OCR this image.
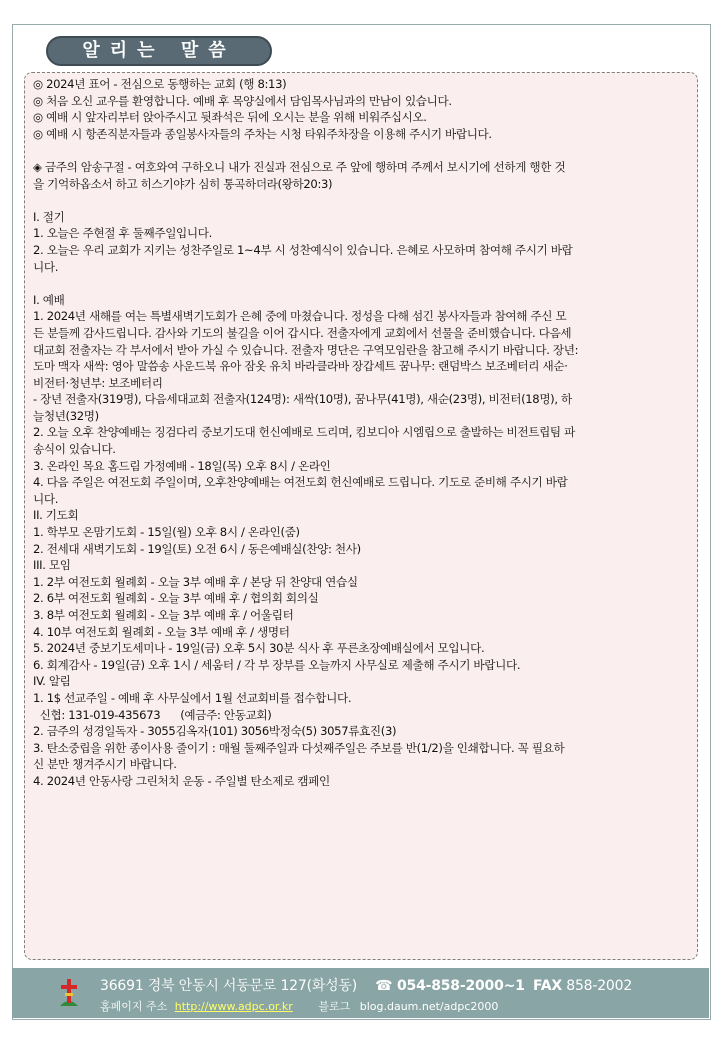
알리는 말씀
◎ 2024년 표어 - 전심으로 동행하는 교회 (행 8:13)
◎ 처음 오신 교우를 환영합니다. 예배 후 목양실에서 담임목사님과의 만남이 있습니다.
◎ 예배 시 앞자리부터 앉아주시고 뒷좌석은 뒤에 오시는 분을 위해 비워주십시오.
◎ 예배 시 항존직분자들과 종일봉사자들의 주차는 시청 타워주차장을 이용해 주시기 바랍니다.
◈ 금주의 암송구절 - 여호와여 구하오니 내가 진실과 전심으로 주 앞에 행하며 주께서 보시기에 선하게 행한 것
을 기억하옵소서 하고 히스기야가 심히 통곡하더라(왕하20:3)
I. 절기
1. 오늘은 주현절 후 둘째주일입니다.
2. 오늘은 우리 교회가 지키는 성찬주일로 1~4부 시 성찬예식이 있습니다. 은혜로 사모하며 참여해 주시기 바랍
니다.
I. 예배
1. 2024년 새해를 여는 특별새벽기도회가 은혜 중에 마쳤습니다. 정성을 다해 섬긴 봉사자들과 참여해 주신 모
든 분들께 감사드립니다. 감사와 기도의 불길을 이어 갑시다. 전출자에게 교회에서 선물을 준비했습니다. 다음세
대교회 전출자는 각 부서에서 받아 가실 수 있습니다. 전출자 명단은 구역모임란을 참고해 주시기 바랍니다. 장년:
도마 맥자 새싹: 영아 말씀송 사운드북 유아 잠옷 유치 바라클라바 장갑세트 꿈나무: 랜덤박스 보조베터리 새순·
비전터·청년부: 보조베터리
- 장년 전출자(319명), 다음세대교회 전출자(124명): 새싹(10명), 꿈나무(41명), 새순(23명), 비전터(18명), 하
늘청년(32명)
2. 오늘 오후 찬양예배는 징검다리 중보기도대 헌신예배로 드리며, 킴보디아 시엠립으로 출발하는 비전트립팀 파
송식이 있습니다.
3. 온라인 목요 홈드림 가정예배 - 18일(목) 오후 8시 / 온라인
4. 다음 주일은 여전도회 주일이며, 오후찬양예배는 여전도회 헌신예배로 드립니다. 기도로 준비해 주시기 바랍
니다.
II. 기도회
1. 학부모 온맘기도회 - 15일(월) 오후 8시 / 온라인(줌)
2. 전세대 새벽기도회 - 19일(토) 오전 6시 / 동은예배실(찬양: 천사)
III. 모임
1. 2부 여전도회 월례회 - 오늘 3부 예배 후 / 본당 뒤 찬양대 연습실
2. 6부 여전도회 월례회 - 오늘 3부 예배 후 / 협의회 회의실
3. 8부 여전도회 월례회 - 오늘 3부 예배 후 / 어울림터
4. 10부 여전도회 월례회 - 오늘 3부 예배 후 / 생명터
5. 2024년 중보기도세미나 - 19일(금) 오후 5시 30분 식사 후 푸른초장예배실에서 모입니다.
6. 회계감사 - 19일(금) 오후 1시 / 세움터 / 각 부 장부를 오늘까지 사무실로 제출해 주시기 바랍니다.
IV. 알림
1. 1$ 선교주일 - 예배 후 사무실에서 1월 선교회비를 접수합니다.
신협: 131-019-435673      (예금주: 안동교회)
2. 금주의 성경일독자 - 3055김옥자(101) 3056박정숙(5) 3057류효진(3)
3. 탄소중립을 위한 종이사용 줄이기 : 매월 둘째주일과 다섯째주일은 주보를 반(1/2)을 인쇄합니다. 꼭 필요하
신 분만 챙겨주시기 바랍니다.
4. 2024년 안동사랑 그린처치 운동 - 주일별 탄소제로 캠페인
36691 경북 안동시 서동문로 127(화성동) ☎ 054-858-2000~1 FAX 858-2002
홈페이지 주소 http://www.adpc.or.kr 블로그 blog.daum.net/adpc2000
